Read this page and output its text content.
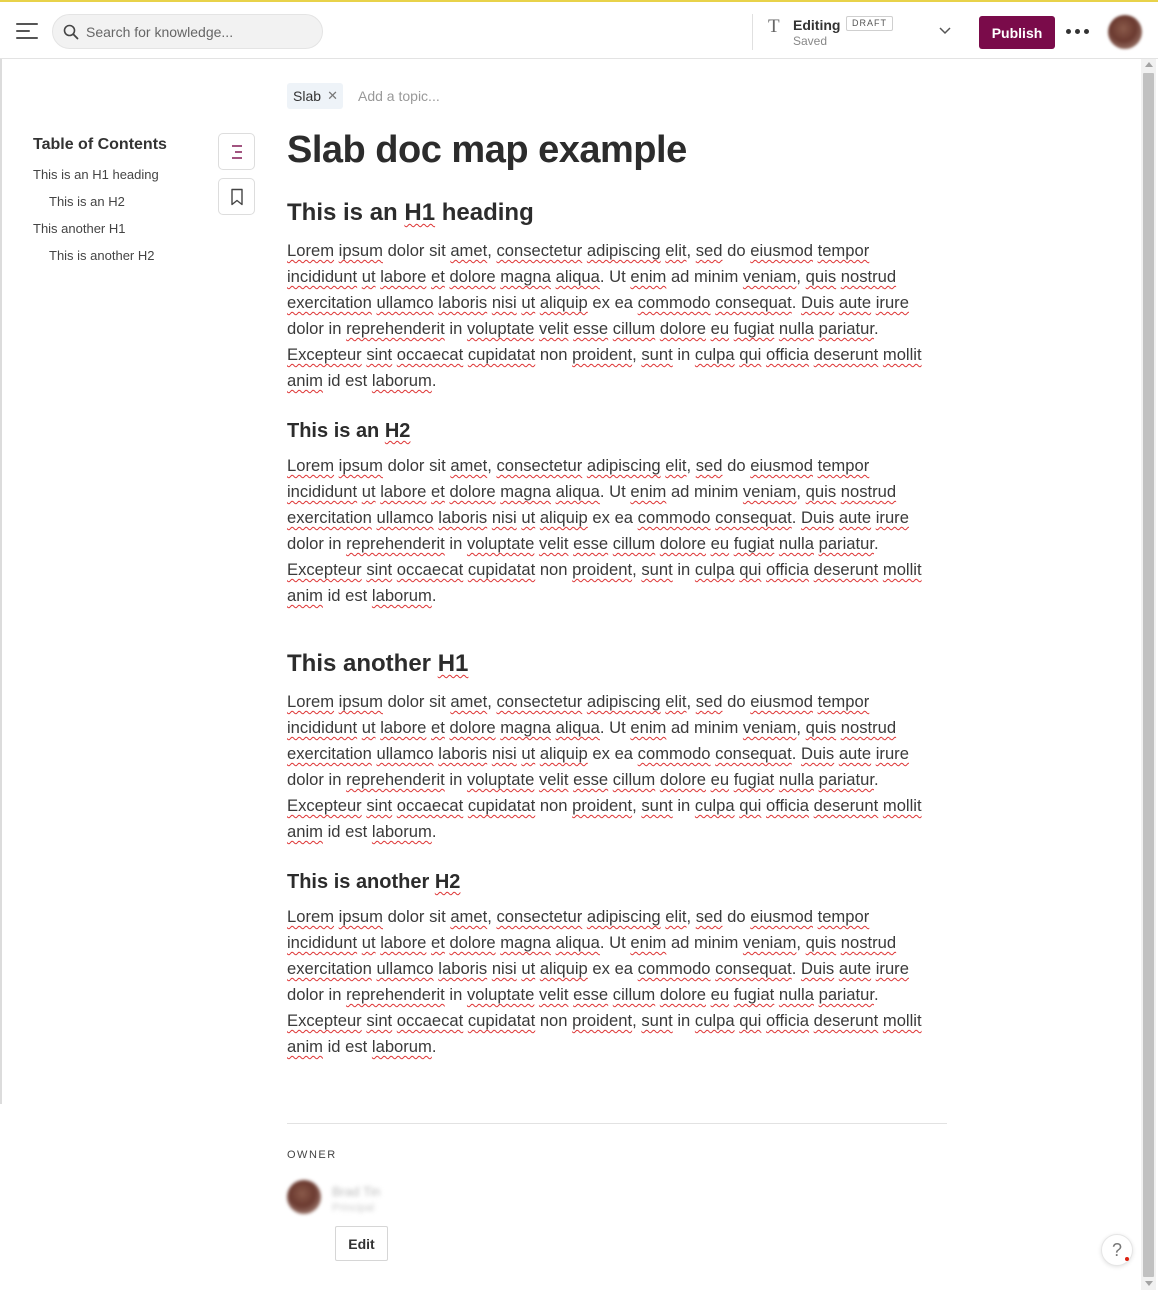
Search for knowledge...
T Editing	DRAFT
Saved
Publish
Table of Contents
This is an H1 heading
This is an H2
This another H1
This is another H2
Slab ✕
Add a topic...
Slab doc map example
This is an H1 heading

Lorem ipsum dolor sit amet, consectetur adipiscing elit, sed do eiusmod tempor incididunt ut labore et dolore magna aliqua. Ut enim ad minim veniam, quis nostrud exercitation ullamco laboris nisi ut aliquip ex ea commodo consequat. Duis aute irure dolor in reprehenderit in voluptate velit esse cillum dolore eu fugiat nulla pariatur. Excepteur sint occaecat cupidatat non proident, sunt in culpa qui officia deserunt mollit anim id est laborum.

This is an H2

Lorem ipsum dolor sit amet, consectetur adipiscing elit, sed do eiusmod tempor incididunt ut labore et dolore magna aliqua. Ut enim ad minim veniam, quis nostrud exercitation ullamco laboris nisi ut aliquip ex ea commodo consequat. Duis aute irure dolor in reprehenderit in voluptate velit esse cillum dolore eu fugiat nulla pariatur. Excepteur sint occaecat cupidatat non proident, sunt in culpa qui officia deserunt mollit anim id est laborum.

This another H1

Lorem ipsum dolor sit amet, consectetur adipiscing elit, sed do eiusmod tempor incididunt ut labore et dolore magna aliqua. Ut enim ad minim veniam, quis nostrud exercitation ullamco laboris nisi ut aliquip ex ea commodo consequat. Duis aute irure dolor in reprehenderit in voluptate velit esse cillum dolore eu fugiat nulla pariatur. Excepteur sint occaecat cupidatat non proident, sunt in culpa qui officia deserunt mollit anim id est laborum.

This is another H2

Lorem ipsum dolor sit amet, consectetur adipiscing elit, sed do eiusmod tempor incididunt ut labore et dolore magna aliqua. Ut enim ad minim veniam, quis nostrud exercitation ullamco laboris nisi ut aliquip ex ea commodo consequat. Duis aute irure dolor in reprehenderit in voluptate velit esse cillum dolore eu fugiat nulla pariatur. Excepteur sint occaecat cupidatat non proident, sunt in culpa qui officia deserunt mollit anim id est laborum.

OWNER
Brad Tin
Principal
Edit	?
